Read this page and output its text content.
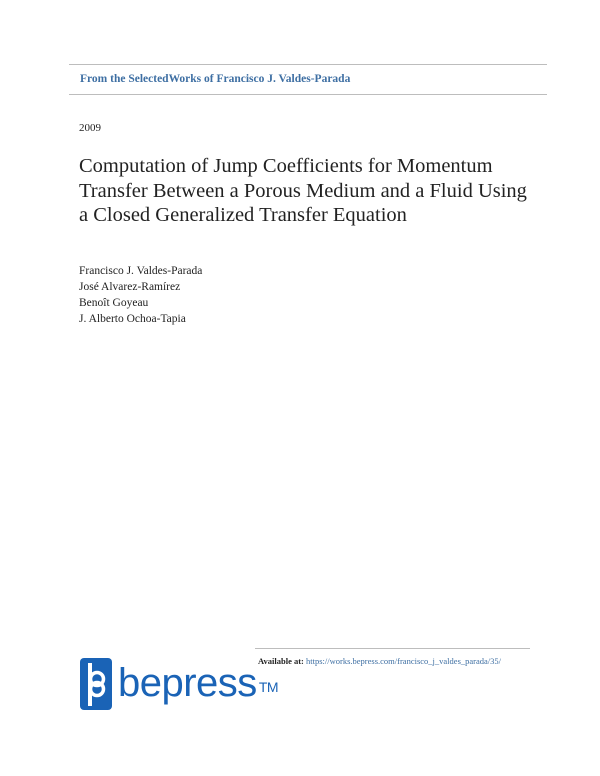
From the SelectedWorks of Francisco J. Valdes-Parada
2009
Computation of Jump Coefficients for Momentum Transfer Between a Porous Medium and a Fluid Using a Closed Generalized Transfer Equation
Francisco J. Valdes-Parada
José Alvarez-Ramírez
Benoît Goyeau
J. Alberto Ochoa-Tapia
Available at: https://works.bepress.com/francisco_j_valdes_parada/35/
bepress ™
